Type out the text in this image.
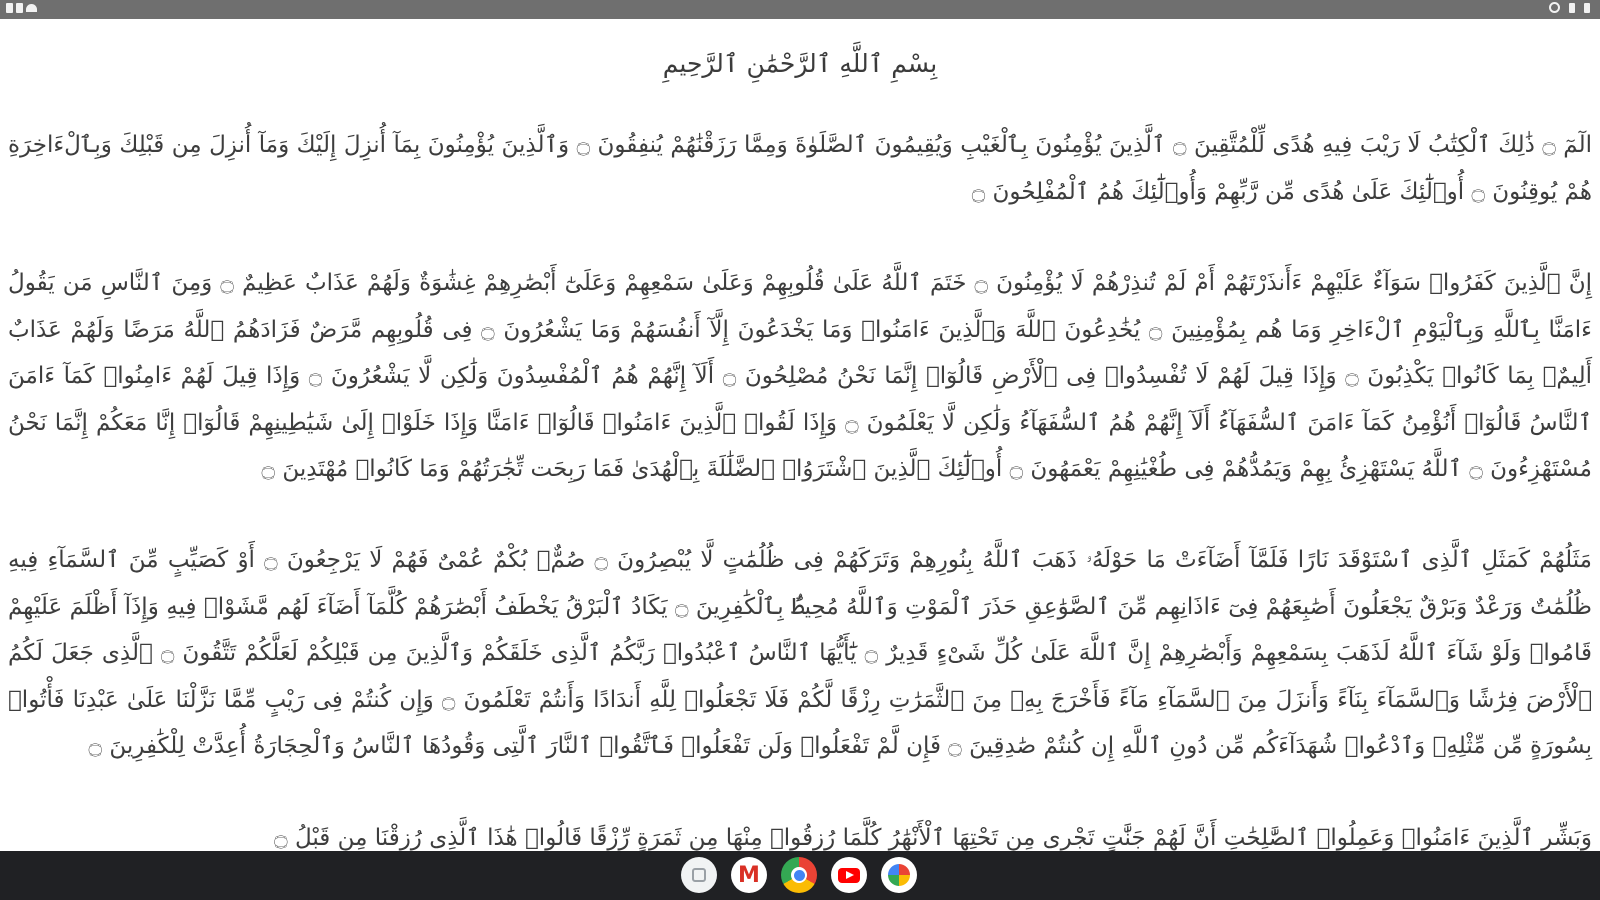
بِسْمِ ٱللَّهِ ٱلرَّحْمَٰنِ ٱلرَّحِيمِ

الٓمٓ ۝ ذَٰلِكَ ٱلْكِتَٰبُ لَا رَيْبَ فِيهِ هُدًى لِّلْمُتَّقِينَ ۝ ٱلَّذِينَ يُؤْمِنُونَ بِٱلْغَيْبِ وَيُقِيمُونَ ٱلصَّلَوٰةَ وَمِمَّا رَزَقْنَٰهُمْ يُنفِقُونَ ۝ وَٱلَّذِينَ يُؤْمِنُونَ بِمَآ أُنزِلَ إِلَيْكَ وَمَآ أُنزِلَ مِن قَبْلِكَ وَبِٱلْءَاخِرَةِ هُمْ يُوقِنُونَ ۝ أُو۟لَٰٓئِكَ عَلَىٰ هُدًى مِّن رَّبِّهِمْ وَأُو۟لَٰٓئِكَ هُمُ ٱلْمُفْلِحُونَ ۝

إِنَّ ٱلَّذِينَ كَفَرُوا۟ سَوَآءٌ عَلَيْهِمْ ءَأَنذَرْتَهُمْ أَمْ لَمْ تُنذِرْهُمْ لَا يُؤْمِنُونَ ۝ خَتَمَ ٱللَّهُ عَلَىٰ قُلُوبِهِمْ وَعَلَىٰ سَمْعِهِمْ وَعَلَىٰٓ أَبْصَٰرِهِمْ غِشَٰوَةٌ وَلَهُمْ عَذَابٌ عَظِيمٌ ۝ وَمِنَ ٱلنَّاسِ مَن يَقُولُ ءَامَنَّا بِٱللَّهِ وَبِٱلْيَوْمِ ٱلْءَاخِرِ وَمَا هُم بِمُؤْمِنِينَ ۝ يُخَٰدِعُونَ ٱللَّهَ وَٱلَّذِينَ ءَامَنُوا۟ وَمَا يَخْدَعُونَ إِلَّآ أَنفُسَهُمْ وَمَا يَشْعُرُونَ ۝ فِى قُلُوبِهِم مَّرَضٌ فَزَادَهُمُ ٱللَّهُ مَرَضًا وَلَهُمْ عَذَابٌ أَلِيمٌۢ بِمَا كَانُوا۟ يَكْذِبُونَ ۝ وَإِذَا قِيلَ لَهُمْ لَا تُفْسِدُوا۟ فِى ٱلْأَرْضِ قَالُوٓا۟ إِنَّمَا نَحْنُ مُصْلِحُونَ ۝ أَلَآ إِنَّهُمْ هُمُ ٱلْمُفْسِدُونَ وَلَٰكِن لَّا يَشْعُرُونَ ۝ وَإِذَا قِيلَ لَهُمْ ءَامِنُوا۟ كَمَآ ءَامَنَ ٱلنَّاسُ قَالُوٓا۟ أَنُؤْمِنُ كَمَآ ءَامَنَ ٱلسُّفَهَآءُ أَلَآ إِنَّهُمْ هُمُ ٱلسُّفَهَآءُ وَلَٰكِن لَّا يَعْلَمُونَ ۝ وَإِذَا لَقُوا۟ ٱلَّذِينَ ءَامَنُوا۟ قَالُوٓا۟ ءَامَنَّا وَإِذَا خَلَوْا۟ إِلَىٰ شَيَٰطِينِهِمْ قَالُوٓا۟ إِنَّا مَعَكُمْ إِنَّمَا نَحْنُ مُسْتَهْزِءُونَ ۝ ٱللَّهُ يَسْتَهْزِئُ بِهِمْ وَيَمُدُّهُمْ فِى طُغْيَٰنِهِمْ يَعْمَهُونَ ۝ أُو۟لَٰٓئِكَ ٱلَّذِينَ ٱشْتَرَوُا۟ ٱلضَّلَٰلَةَ بِٱلْهُدَىٰ فَمَا رَبِحَت تِّجَٰرَتُهُمْ وَمَا كَانُوا۟ مُهْتَدِينَ ۝

مَثَلُهُمْ كَمَثَلِ ٱلَّذِى ٱسْتَوْقَدَ نَارًا فَلَمَّآ أَضَآءَتْ مَا حَوْلَهُۥ ذَهَبَ ٱللَّهُ بِنُورِهِمْ وَتَرَكَهُمْ فِى ظُلُمَٰتٍ لَّا يُبْصِرُونَ ۝ صُمٌّۢ بُكْمٌ عُمْىٌ فَهُمْ لَا يَرْجِعُونَ ۝ أَوْ كَصَيِّبٍ مِّنَ ٱلسَّمَآءِ فِيهِ ظُلُمَٰتٌ وَرَعْدٌ وَبَرْقٌ يَجْعَلُونَ أَصَٰبِعَهُمْ فِىٓ ءَاذَانِهِم مِّنَ ٱلصَّوَٰعِقِ حَذَرَ ٱلْمَوْتِ وَٱللَّهُ مُحِيطٌۢ بِٱلْكَٰفِرِينَ ۝ يَكَادُ ٱلْبَرْقُ يَخْطَفُ أَبْصَٰرَهُمْ كُلَّمَآ أَضَآءَ لَهُم مَّشَوْا۟ فِيهِ وَإِذَآ أَظْلَمَ عَلَيْهِمْ قَامُوا۟ وَلَوْ شَآءَ ٱللَّهُ لَذَهَبَ بِسَمْعِهِمْ وَأَبْصَٰرِهِمْ إِنَّ ٱللَّهَ عَلَىٰ كُلِّ شَىْءٍ قَدِيرٌ ۝ يَٰٓأَيُّهَا ٱلنَّاسُ ٱعْبُدُوا۟ رَبَّكُمُ ٱلَّذِى خَلَقَكُمْ وَٱلَّذِينَ مِن قَبْلِكُمْ لَعَلَّكُمْ تَتَّقُونَ ۝ ٱلَّذِى جَعَلَ لَكُمُ ٱلْأَرْضَ فِرَٰشًا وَٱلسَّمَآءَ بِنَآءً وَأَنزَلَ مِنَ ٱلسَّمَآءِ مَآءً فَأَخْرَجَ بِهِۦ مِنَ ٱلثَّمَرَٰتِ رِزْقًا لَّكُمْ فَلَا تَجْعَلُوا۟ لِلَّهِ أَندَادًا وَأَنتُمْ تَعْلَمُونَ ۝ وَإِن كُنتُمْ فِى رَيْبٍ مِّمَّا نَزَّلْنَا عَلَىٰ عَبْدِنَا فَأْتُوا۟ بِسُورَةٍ مِّن مِّثْلِهِۦ وَٱدْعُوا۟ شُهَدَآءَكُم مِّن دُونِ ٱللَّهِ إِن كُنتُمْ صَٰدِقِينَ ۝ فَإِن لَّمْ تَفْعَلُوا۟ وَلَن تَفْعَلُوا۟ فَٱتَّقُوا۟ ٱلنَّارَ ٱلَّتِى وَقُودُهَا ٱلنَّاسُ وَٱلْحِجَارَةُ أُعِدَّتْ لِلْكَٰفِرِينَ ۝

وَبَشِّرِ ٱلَّذِينَ ءَامَنُوا۟ وَعَمِلُوا۟ ٱلصَّٰلِحَٰتِ أَنَّ لَهُمْ جَنَّٰتٍ تَجْرِى مِن تَحْتِهَا ٱلْأَنْهَٰرُ كُلَّمَا رُزِقُوا۟ مِنْهَا مِن ثَمَرَةٍ رِّزْقًا قَالُوا۟ هَٰذَا ٱلَّذِى رُزِقْنَا مِن قَبْلُ ۝

M
